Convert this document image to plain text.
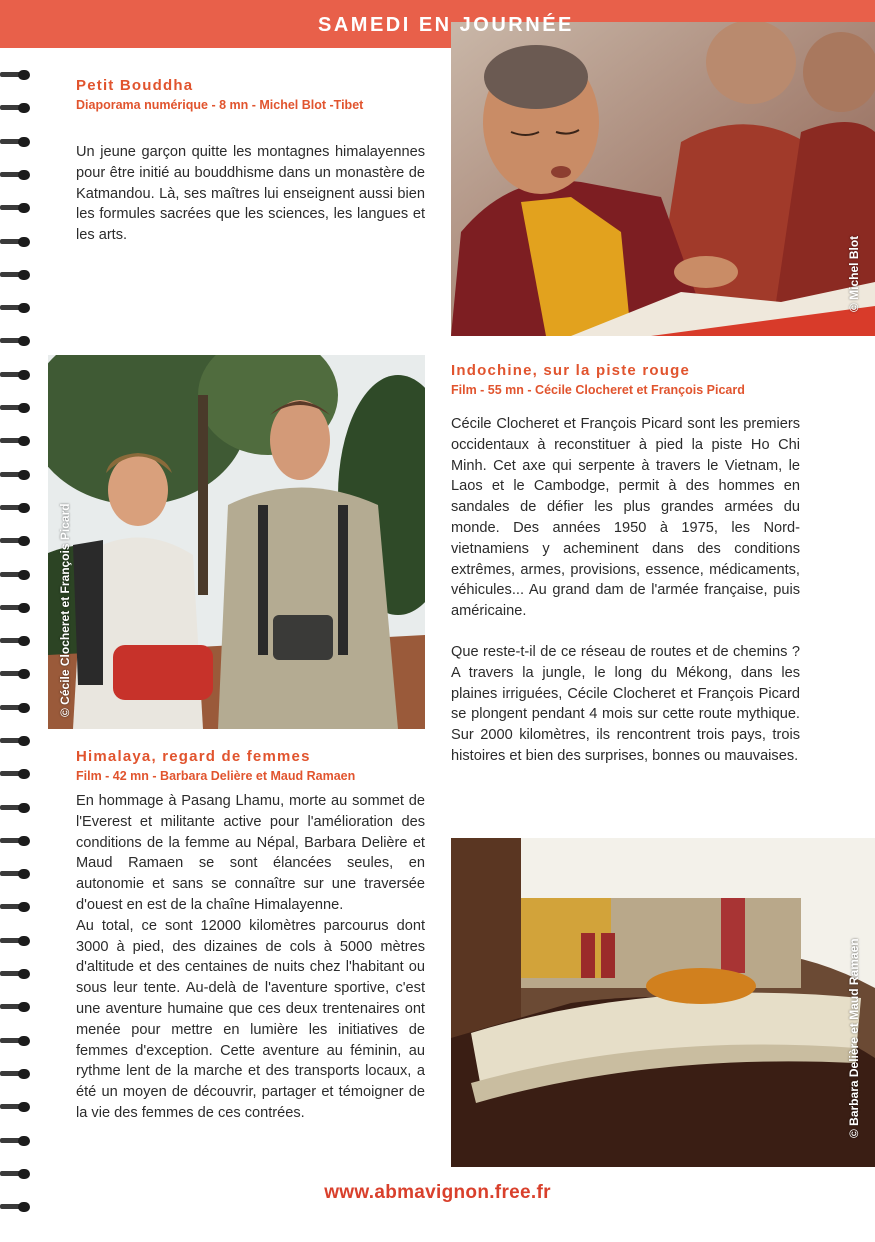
SAMEDI EN JOURNÉE
© Michel Blot
Petit Bouddha

Diaporama numérique - 8 mn - Michel Blot -Tibet

Un jeune garçon quitte les montagnes himalayennes pour être initié au bouddhisme dans un monastère de Katmandou. Là, ses maîtres lui enseignent aussi bien les formules sacrées que les sciences, les langues et les arts.

© Cécile Clocheret et François Picard
Indochine, sur la piste rouge

Film - 55 mn - Cécile Clocheret et François Picard

Cécile Clocheret et François Picard sont les premiers occidentaux à reconstituer à pied la piste Ho Chi Minh. Cet axe qui serpente à travers le Vietnam, le Laos et le Cambodge, permit à des hommes en sandales de défier les plus grandes armées du monde. Des années 1950 à 1975, les Nord-vietnamiens y acheminent dans des conditions extrêmes, armes, provisions, essence, médicaments, véhicules... Au grand dam de l'armée française, puis américaine.

Que reste-t-il de ce réseau de routes et de chemins ? A travers la jungle, le long du Mékong, dans les plaines irriguées, Cécile Clocheret et François Picard se plongent pendant 4 mois sur cette route mythique. Sur 2000 kilomètres, ils rencontrent trois pays, trois histoires et bien des surprises, bonnes ou mauvaises.

Himalaya, regard de femmes

Film - 42 mn - Barbara Delière et Maud Ramaen

En hommage à Pasang Lhamu, morte au sommet de l'Everest et militante active pour l'amélioration des conditions de la femme au Népal, Barbara Delière et Maud Ramaen se sont élancées seules, en autonomie et sans se connaître sur une traversée d'ouest en est de la chaîne Himalayenne.

Au total, ce sont 12000 kilomètres parcourus dont 3000 à pied, des dizaines de cols à 5000 mètres d'altitude et des centaines de nuits chez l'habitant ou sous leur tente. Au-delà de l'aventure sportive, c'est une aventure humaine que ces deux trentenaires ont menée pour mettre en lumière les initiatives de femmes d'exception. Cette aventure au féminin, au rythme lent de la marche et des transports locaux, a été un moyen de découvrir, partager et témoigner de la vie des femmes de ces contrées.	© Barbara Delière et Maud Ramaen
www.abmavignon.free.fr
